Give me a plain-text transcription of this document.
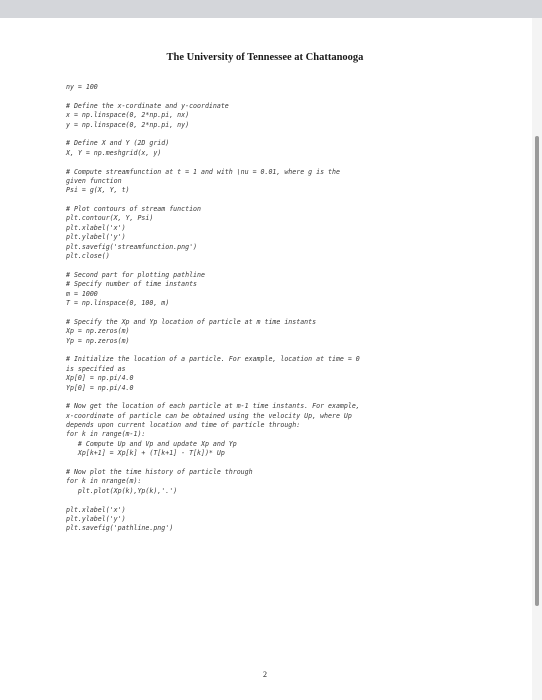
The University of Tennessee at Chattanooga
ny = 100
# Define the x-cordinate and y-coordinate
x = np.linspace(0, 2*np.pi, nx)
y = np.linspace(0, 2*np.pi, ny)
# Define X and Y (2D grid)
X, Y = np.meshgrid(x, y)
# Compute streamfunction at t = 1 and with \nu = 0.01, where g is the
given function
Psi = g(X, Y, t)
# Plot contours of stream function
plt.contour(X, Y, Psi)
plt.xlabel('x')
plt.ylabel('y')
plt.savefig('streamfunction.png')
plt.close()
# Second part for plotting pathline
# Specify number of time instants
m = 1000
T = np.linspace(0, 100, m)
# Specify the Xp and Yp location of particle at m time instants
Xp = np.zeros(m)
Yp = np.zeros(m)
# Initialize the location of a particle. For example, location at time = 0
is specified as
Xp[0] = np.pi/4.0
Yp[0] = np.pi/4.0
# Now get the location of each particle at m-1 time instants. For example,
x-coordinate of particle can be obtained using the velocity Up, where Up
depends upon current location and time of particle through:
for k in range(m-1):
# Compute Up and Vp and update Xp and Yp
Xp[k+1] = Xp[k] + (T[k+1] - T[k])* Up
# Now plot the time history of particle through
for k in nrange(m):
plt.plot(Xp(k),Yp(k),'.')
plt.xlabel('x')
plt.ylabel('y')
plt.savefig('pathline.png')
2
